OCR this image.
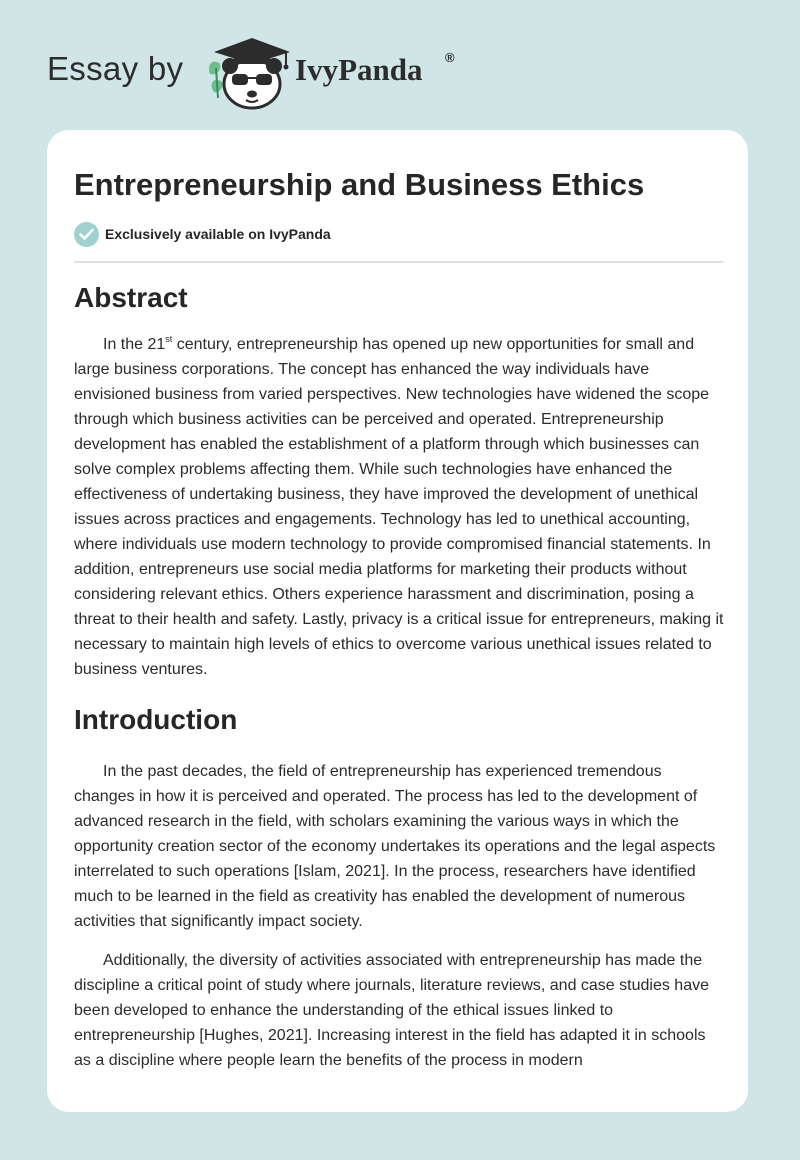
Essay by	IvyPanda ®
Entrepreneurship and Business Ethics
Exclusively available on IvyPanda
Abstract

In the 21st century, entrepreneurship has opened up new opportunities for small and large business corporations. The concept has enhanced the way individuals have envisioned business from varied perspectives. New technologies have widened the scope through which business activities can be perceived and operated. Entrepreneurship development has enabled the establishment of a platform through which businesses can solve complex problems affecting them. While such technologies have enhanced the effectiveness of undertaking business, they have improved the development of unethical issues across practices and engagements. Technology has led to unethical accounting, where individuals use modern technology to provide compromised financial statements. In addition, entrepreneurs use social media platforms for marketing their products without considering relevant ethics. Others experience harassment and discrimination, posing a threat to their health and safety. Lastly, privacy is a critical issue for entrepreneurs, making it necessary to maintain high levels of ethics to overcome various unethical issues related to business ventures.

Introduction

In the past decades, the field of entrepreneurship has experienced tremendous changes in how it is perceived and operated. The process has led to the development of advanced research in the field, with scholars examining the various ways in which the opportunity creation sector of the economy undertakes its operations and the legal aspects interrelated to such operations [Islam, 2021]. In the process, researchers have identified much to be learned in the field as creativity has enabled the development of numerous activities that significantly impact society.

Additionally, the diversity of activities associated with entrepreneurship has made the discipline a critical point of study where journals, literature reviews, and case studies have been developed to enhance the understanding of the ethical issues linked to entrepreneurship [Hughes, 2021]. Increasing interest in the field has adapted it in schools as a discipline where people learn the benefits of the process in modern
